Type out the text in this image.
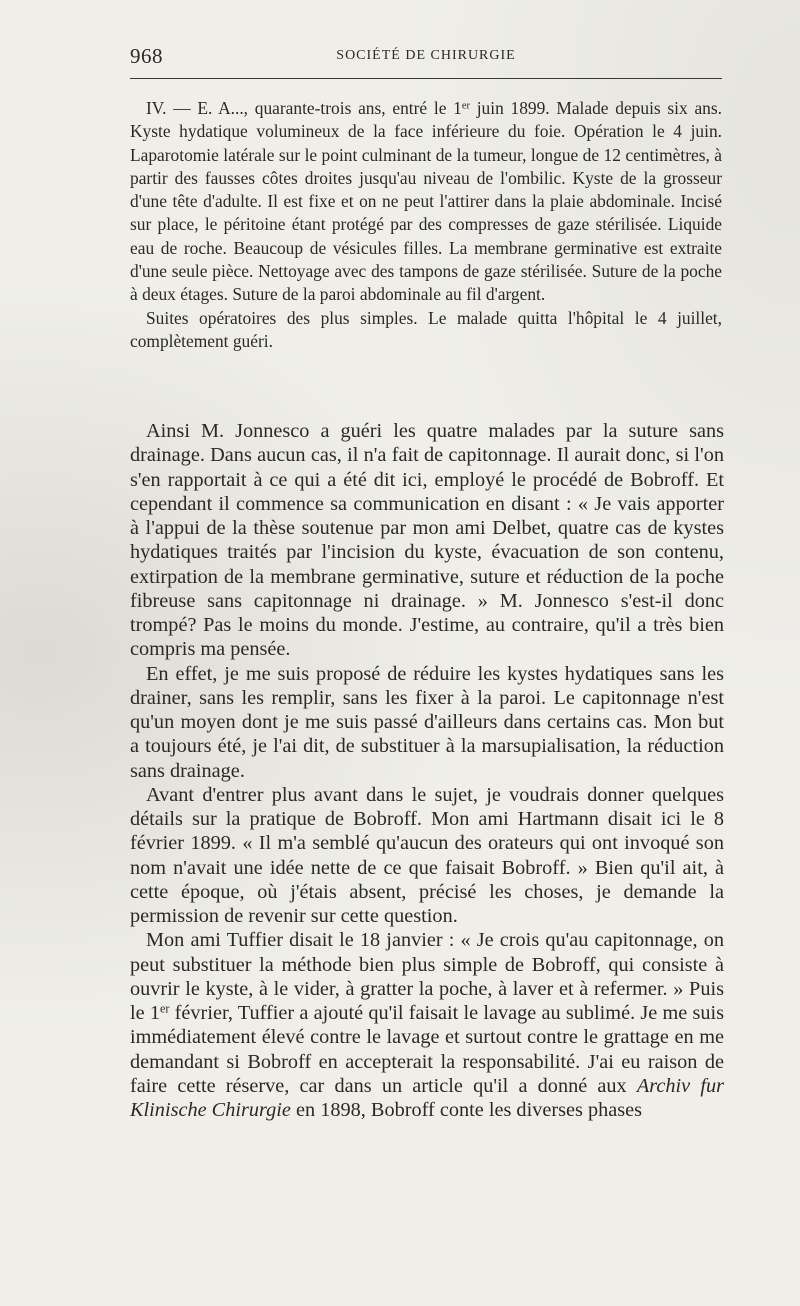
968	SOCIÉTÉ DE CHIRURGIE

IV. — E. A..., quarante-trois ans, entré le 1er juin 1899. Malade depuis six ans. Kyste hydatique volumineux de la face inférieure du foie. Opération le 4 juin. Laparotomie latérale sur le point culminant de la tumeur, longue de 12 centimètres, à partir des fausses côtes droites jusqu'au niveau de l'ombilic. Kyste de la grosseur d'une tête d'adulte. Il est fixe et on ne peut l'attirer dans la plaie abdominale. Incisé sur place, le péritoine étant protégé par des compresses de gaze stérilisée. Liquide eau de roche. Beaucoup de vésicules filles. La membrane germinative est extraite d'une seule pièce. Nettoyage avec des tampons de gaze stérilisée. Suture de la poche à deux étages. Suture de la paroi abdominale au fil d'argent.

Suites opératoires des plus simples. Le malade quitta l'hôpital le 4 juillet, complètement guéri.

Ainsi M. Jonnesco a guéri les quatre malades par la suture sans drainage. Dans aucun cas, il n'a fait de capitonnage. Il aurait donc, si l'on s'en rapportait à ce qui a été dit ici, employé le procédé de Bobroff. Et cependant il commence sa communication en disant : « Je vais apporter à l'appui de la thèse soutenue par mon ami Delbet, quatre cas de kystes hydatiques traités par l'incision du kyste, évacuation de son contenu, extirpation de la membrane germinative, suture et réduction de la poche fibreuse sans capitonnage ni drainage. » M. Jonnesco s'est-il donc trompé? Pas le moins du monde. J'estime, au contraire, qu'il a très bien compris ma pensée.

En effet, je me suis proposé de réduire les kystes hydatiques sans les drainer, sans les remplir, sans les fixer à la paroi. Le capitonnage n'est qu'un moyen dont je me suis passé d'ailleurs dans certains cas. Mon but a toujours été, je l'ai dit, de substituer à la marsupialisation, la réduction sans drainage.

Avant d'entrer plus avant dans le sujet, je voudrais donner quelques détails sur la pratique de Bobroff. Mon ami Hartmann disait ici le 8 février 1899. « Il m'a semblé qu'aucun des orateurs qui ont invoqué son nom n'avait une idée nette de ce que faisait Bobroff. » Bien qu'il ait, à cette époque, où j'étais absent, précisé les choses, je demande la permission de revenir sur cette question.

Mon ami Tuffier disait le 18 janvier : « Je crois qu'au capitonnage, on peut substituer la méthode bien plus simple de Bobroff, qui consiste à ouvrir le kyste, à le vider, à gratter la poche, à laver et à refermer. » Puis le 1er février, Tuffier a ajouté qu'il faisait le lavage au sublimé. Je me suis immédiatement élevé contre le lavage et surtout contre le grattage en me demandant si Bobroff en accepterait la responsabilité. J'ai eu raison de faire cette réserve, car dans un article qu'il a donné aux Archiv fur Klinische Chirurgie en 1898, Bobroff conte les diverses phases
